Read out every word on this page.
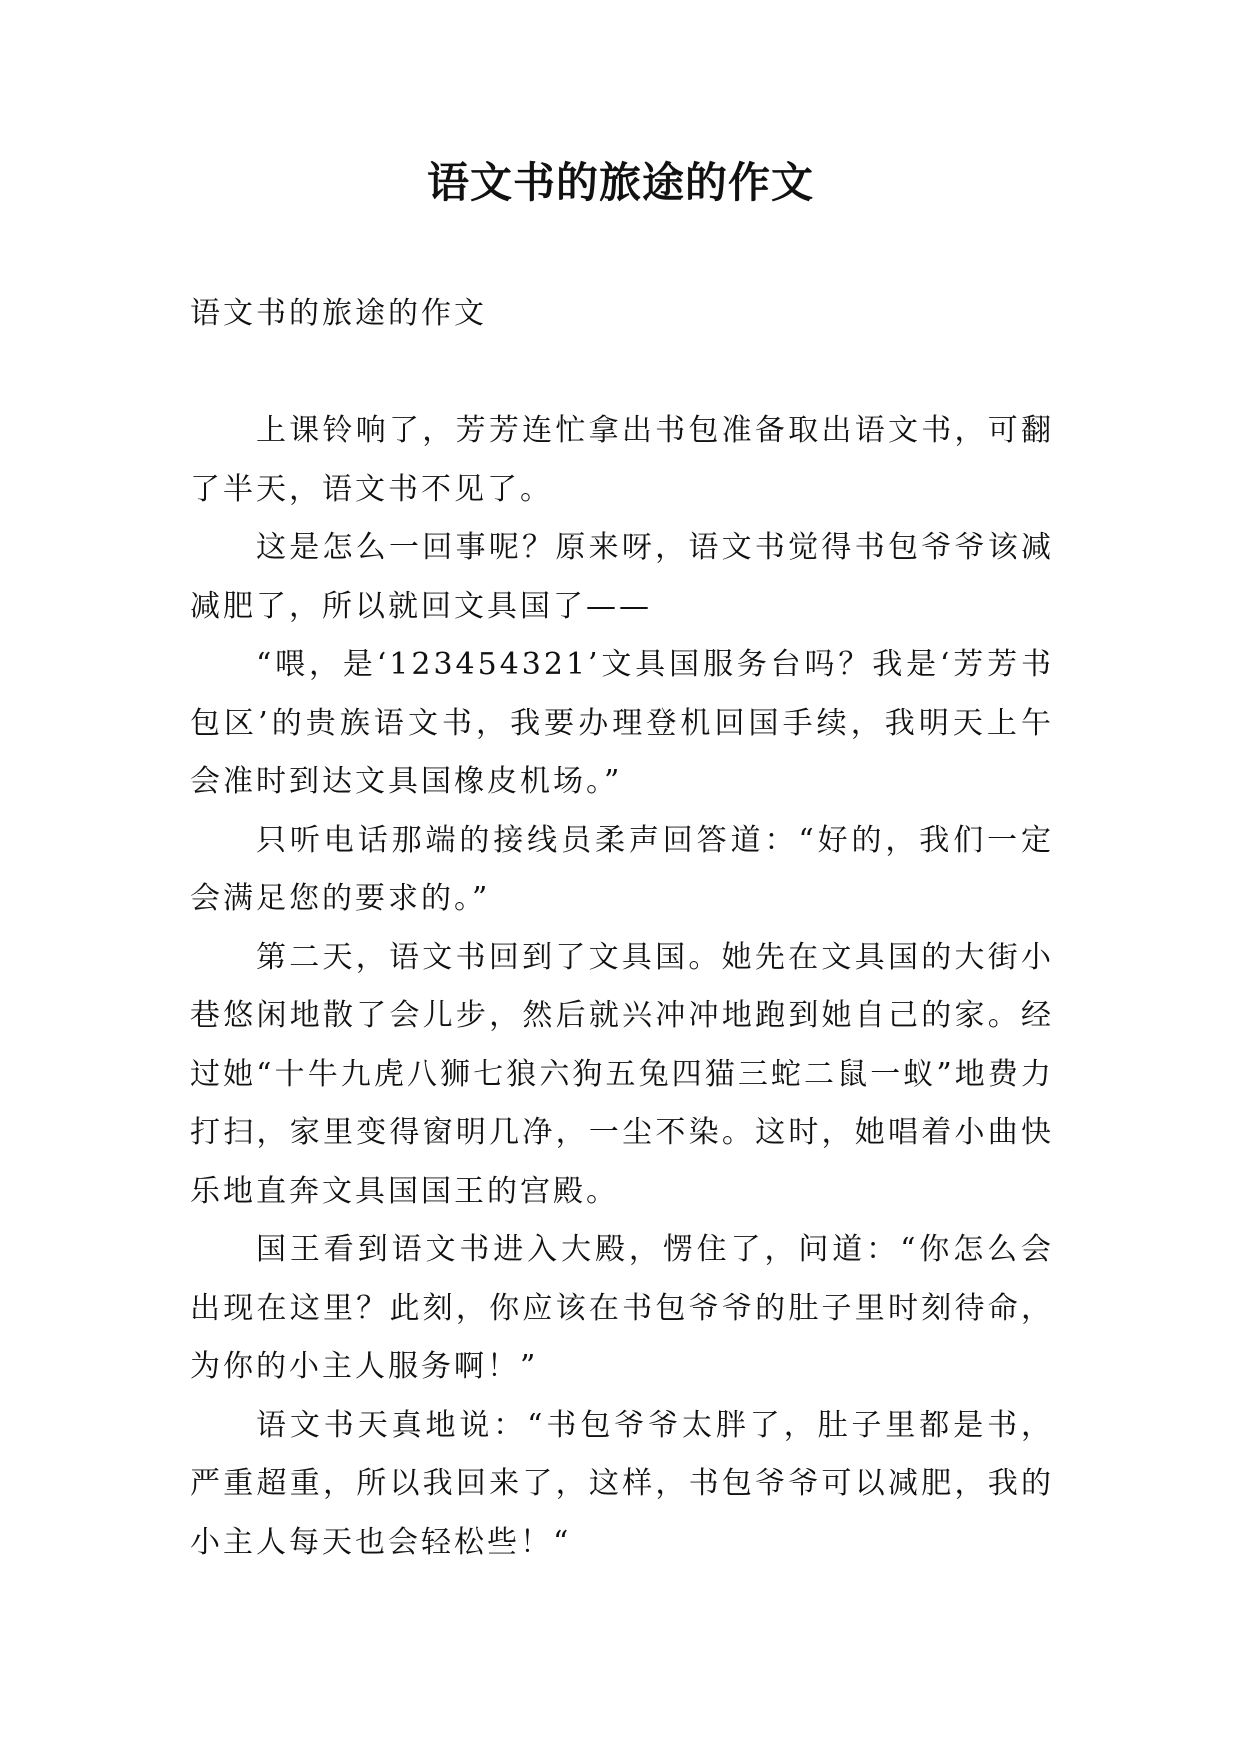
语文书的旅途的作文

语文书的旅途的作文

上课铃响了，芳芳连忙拿出书包准备取出语文书，可翻了半天，语文书不见了。

这是怎么一回事呢？原来呀，语文书觉得书包爷爷该减减肥了，所以就回文具国了——

“喂，是‘123454321’文具国服务台吗？我是‘芳芳书包区’的贵族语文书，我要办理登机回国手续，我明天上午会准时到达文具国橡皮机场。”

只听电话那端的接线员柔声回答道：“好的，我们一定会满足您的要求的。”

第二天，语文书回到了文具国。她先在文具国的大街小巷悠闲地散了会儿步，然后就兴冲冲地跑到她自己的家。经过她“十牛九虎八狮七狼六狗五兔四猫三蛇二鼠一蚁”地费力打扫，家里变得窗明几净，一尘不染。这时，她唱着小曲快乐地直奔文具国国王的宫殿。

国王看到语文书进入大殿，愣住了，问道：“你怎么会出现在这里？此刻，你应该在书包爷爷的肚子里时刻待命，为你的小主人服务啊！”

语文书天真地说：“书包爷爷太胖了，肚子里都是书，严重超重，所以我回来了，这样，书包爷爷可以减肥，我的小主人每天也会轻松些！“
